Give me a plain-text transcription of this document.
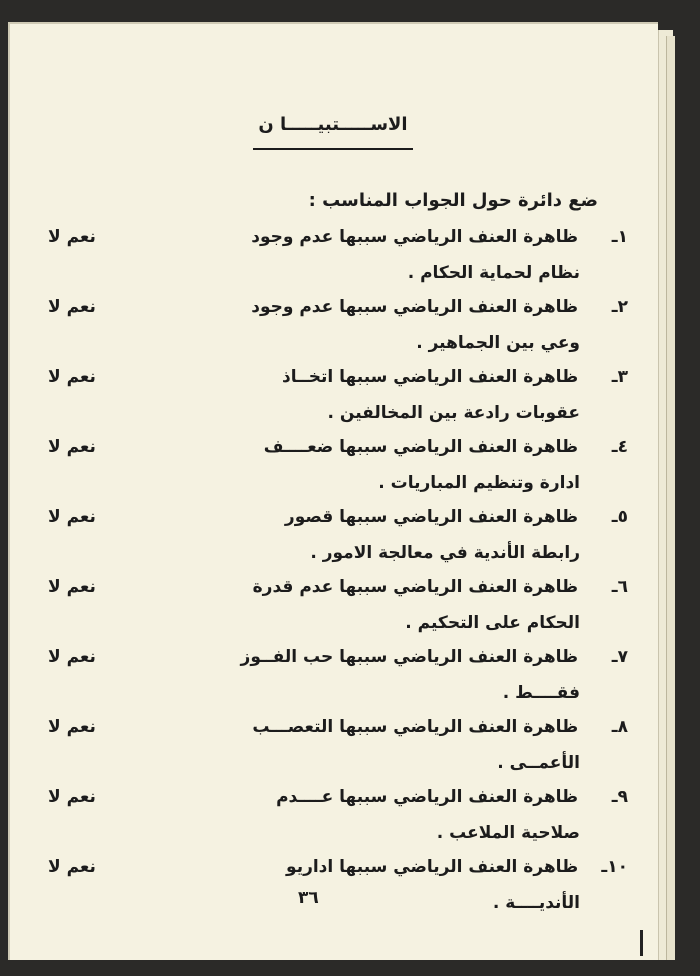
الاســـــتبيـــــا ن
ضع دائرة حول الجواب المناسب :
١ـ ظاهرة العنف الرياضي سببها عدم وجود
نظام لحماية الحكام .
نعم لا
٢ـ ظاهرة العنف الرياضي سببها عدم وجود
وعي بين الجماهير .
نعم لا
٣ـ ظاهرة العنف الرياضي سببها اتخــاذ
عقوبات رادعة بين المخالفين .
نعم لا
٤ـ ظاهرة العنف الرياضي سببها ضعــــف
ادارة وتنظيم المباريات .
نعم لا
٥ـ ظاهرة العنف الرياضي سببها قصور
رابطة الأندية في معالجة الامور .
نعم لا
٦ـ ظاهرة العنف الرياضي سببها عدم قدرة
الحكام على التحكيم .
نعم لا
٧ـ ظاهرة العنف الرياضي سببها حب الفــوز
فقــــط .
نعم لا
٨ـ ظاهرة العنف الرياضي سببها التعصـــب
الأعمــى .
نعم لا
٩ـ ظاهرة العنف الرياضي سببها عــــدم
صلاحية الملاعب .
نعم لا
١٠ـ ظاهرة العنف الرياضي سببها اداريو
الأنديــــة .
نعم لا
٣٦
